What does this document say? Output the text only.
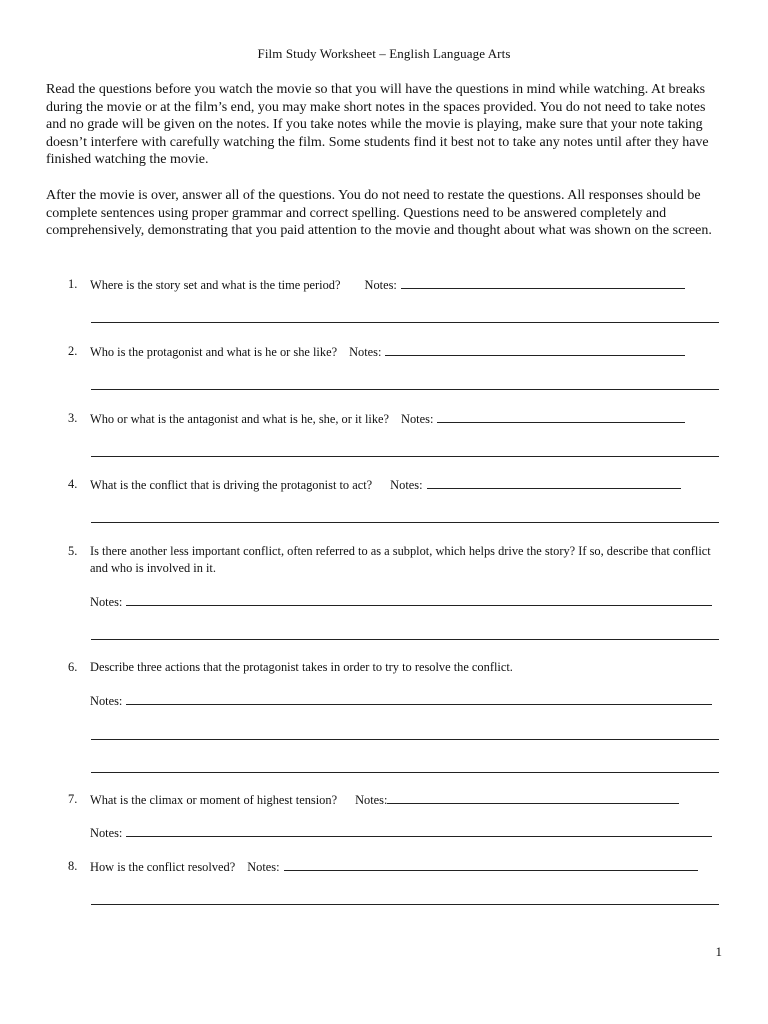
Film Study Worksheet – English Language Arts

Read the questions before you watch the movie so that you will have the questions in mind while watching. At breaks during the movie or at the film’s end, you may make short notes in the spaces provided. You do not need to take notes and no grade will be given on the notes. If you take notes while the movie is playing, make sure that your note taking doesn’t interfere with carefully watching the film. Some students find it best not to take any notes until after they have finished watching the movie.

After the movie is over, answer all of the questions. You do not need to restate the questions. All responses should be complete sentences using proper grammar and correct spelling. Questions need to be answered completely and comprehensively, demonstrating that you paid attention to the movie and thought about what was shown on the screen.

1.	Where is the story set and what is the time period? Notes:
2.	Who is the protagonist and what is he or she like? Notes:
3.	Who or what is the antagonist and what is he, she, or it like? Notes:
4.	What is the conflict that is driving the protagonist to act? Notes:
5.	Is there another less important conflict, often referred to as a subplot, which helps drive the story? If so, describe that conflict and who is involved in it.
Notes:
6.	Describe three actions that the protagonist takes in order to try to resolve the conflict.
Notes:
7.	What is the climax or moment of highest tension? Notes:
Notes:
8.	How is the conflict resolved? Notes:
1
